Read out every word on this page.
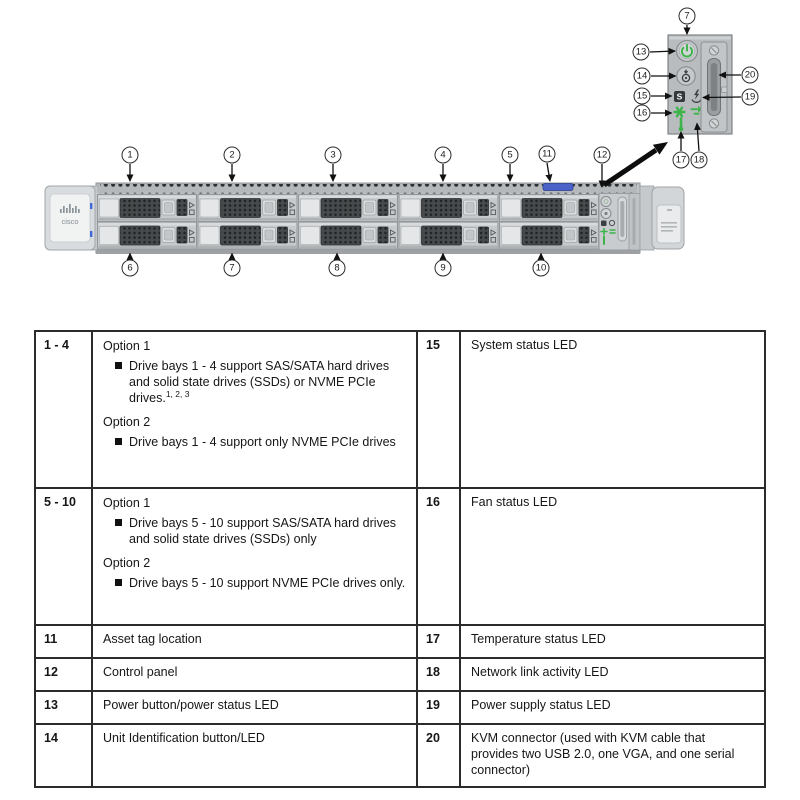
cisco
S
1	2	3	4	5	11	12
6	7	8	9	10
7
13
14
15
16
17 18
19
20
1 - 4	Option 1
Drive bays 1 - 4 support SAS/SATA hard drives and solid state drives (SSDs) or NVME PCIe drives.$^{1, 2, 3}$
Option 2
Drive bays 1 - 4 support only NVME PCIe drives	15	System status LED
5 - 10	Option 1
Drive bays 5 - 10 support SAS/SATA hard drives and solid state drives (SSDs) only
Option 2
Drive bays 5 - 10 support NVME PCIe drives only.	16	Fan status LED
11	Asset tag location	17	Temperature status LED
12	Control panel	18	Network link activity LED
13	Power button/power status LED	19	Power supply status LED
14	Unit Identification button/LED	20	KVM connector (used with KVM cable that provides two USB 2.0, one VGA, and one serial connector)
